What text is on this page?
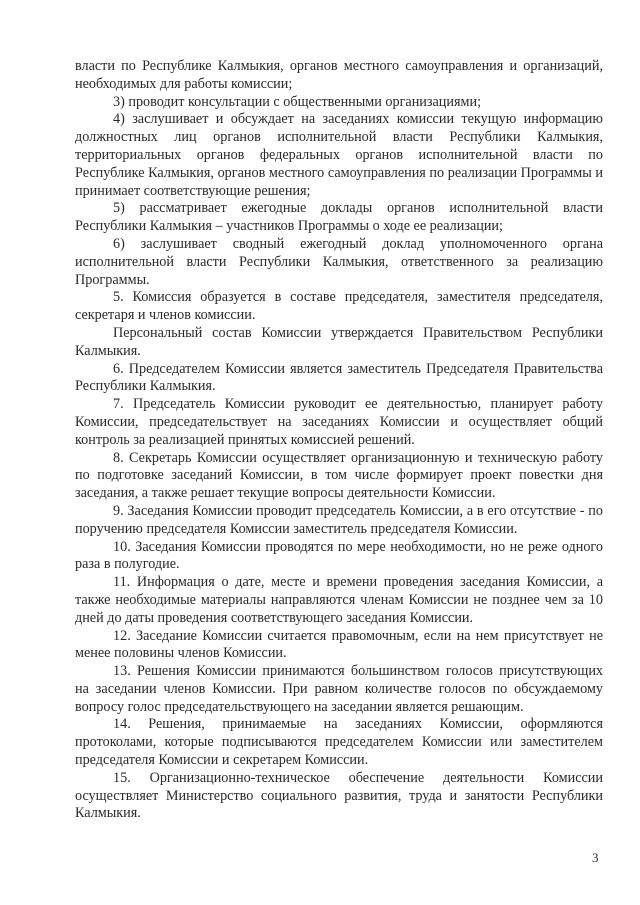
власти по Республике Калмыкия, органов местного самоуправления и организаций, необходимых для работы комиссии;

3) проводит консультации с общественными организациями;

4) заслушивает и обсуждает на заседаниях комиссии текущую информацию должностных лиц органов исполнительной власти Республики Калмыкия, территориальных органов федеральных органов исполнительной власти по Республике Калмыкия, органов местного самоуправления по реализации Программы и принимает соответствующие решения;

5) рассматривает ежегодные доклады органов исполнительной власти Республики Калмыкия – участников Программы о ходе ее реализации;

6) заслушивает сводный ежегодный доклад уполномоченного органа исполнительной власти Республики Калмыкия, ответственного за реализацию Программы.

5. Комиссия образуется в составе председателя, заместителя председателя, секретаря и членов комиссии.

Персональный состав Комиссии утверждается Правительством Республики Калмыкия.

6. Председателем Комиссии является заместитель Председателя Правительства Республики Калмыкия.

7. Председатель Комиссии руководит ее деятельностью, планирует работу Комиссии, председательствует на заседаниях Комиссии и осуществляет общий контроль за реализацией принятых комиссией решений.

8. Секретарь Комиссии осуществляет организационную и техническую работу по подготовке заседаний Комиссии, в том числе формирует проект повестки дня заседания, а также решает текущие вопросы деятельности Комиссии.

9. Заседания Комиссии проводит председатель Комиссии, а в его отсутствие - по поручению председателя Комиссии заместитель председателя Комиссии.

10. Заседания Комиссии проводятся по мере необходимости, но не реже одного раза в полугодие.

11. Информация о дате, месте и времени проведения заседания Комиссии, а также необходимые материалы направляются членам Комиссии не позднее чем за 10 дней до даты проведения соответствующего заседания Комиссии.

12. Заседание Комиссии считается правомочным, если на нем присутствует не менее половины членов Комиссии.

13. Решения Комиссии принимаются большинством голосов присутствующих на заседании членов Комиссии. При равном количестве голосов по обсуждаемому вопросу голос председательствующего на заседании является решающим.

14. Решения, принимаемые на заседаниях Комиссии, оформляются протоколами, которые подписываются председателем Комиссии или заместителем председателя Комиссии и секретарем Комиссии.

15. Организационно-техническое обеспечение деятельности Комиссии осуществляет Министерство социального развития, труда и занятости Республики Калмыкия.

3
